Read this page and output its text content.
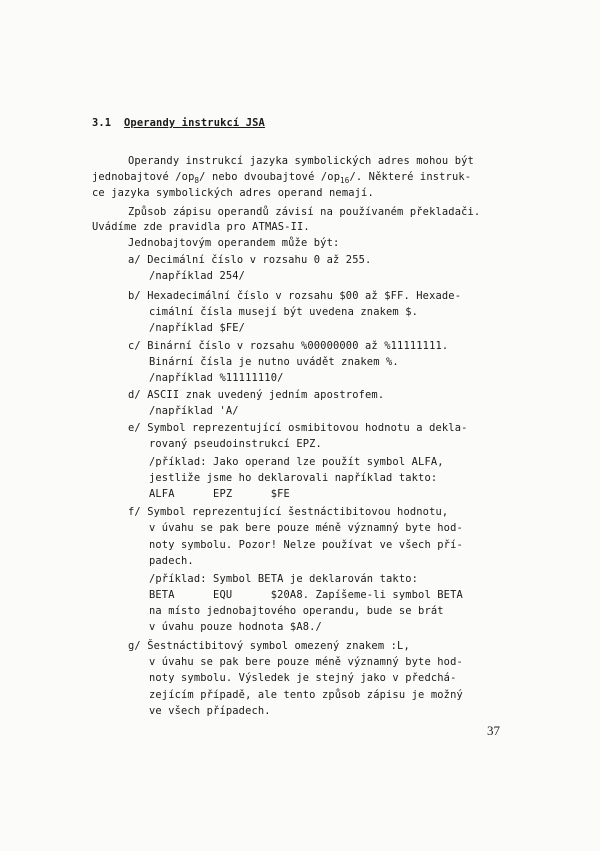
3.1 Operandy instrukcí JSA
Operandy instrukcí jazyka symbolických adres mohou být
jednobajtové $/op_8/$ nebo dvoubajtové $/op_{16}/$. Některé instruk-
ce jazyka symbolických adres operand nemají.
Způsob zápisu operandů závisí na používaném překladači.
Uvádíme zde pravidla pro ATMAS-II.
Jednobajtovým operandem může být:
a/ Decimální číslo v rozsahu 0 až 255.
/například 254/
b/ Hexadecimální číslo v rozsahu $00 až $FF. Hexade-
cimální čísla musejí být uvedena znakem $.
/například $FE/
c/ Binární číslo v rozsahu %00000000 až %11111111.
Binární čísla je nutno uvádět znakem %.
/například %11111110/
d/ ASCII znak uvedený jedním apostrofem.
/například 'A/
e/ Symbol reprezentující osmibitovou hodnotu a dekla-
rovaný pseudoinstrukcí EPZ.
/příklad: Jako operand lze použít symbol ALFA,
jestliže jsme ho deklarovali například takto:
ALFA      EPZ      $FE
f/ Symbol reprezentující šestnáctibitovou hodnotu,
v úvahu se pak bere pouze méně významný byte hod-
noty symbolu. Pozor! Nelze používat ve všech pří-
padech.
/příklad: Symbol BETA je deklarován takto:
BETA      EQU      $20A8. Zapíšeme-li symbol BETA
na místo jednobajtového operandu, bude se brát
v úvahu pouze hodnota $A8./
g/ Šestnáctibitový symbol omezený znakem :L,
v úvahu se pak bere pouze méně významný byte hod-
noty symbolu. Výsledek je stejný jako v předchá-
zejícím případě, ale tento způsob zápisu je možný
ve všech případech.
37
